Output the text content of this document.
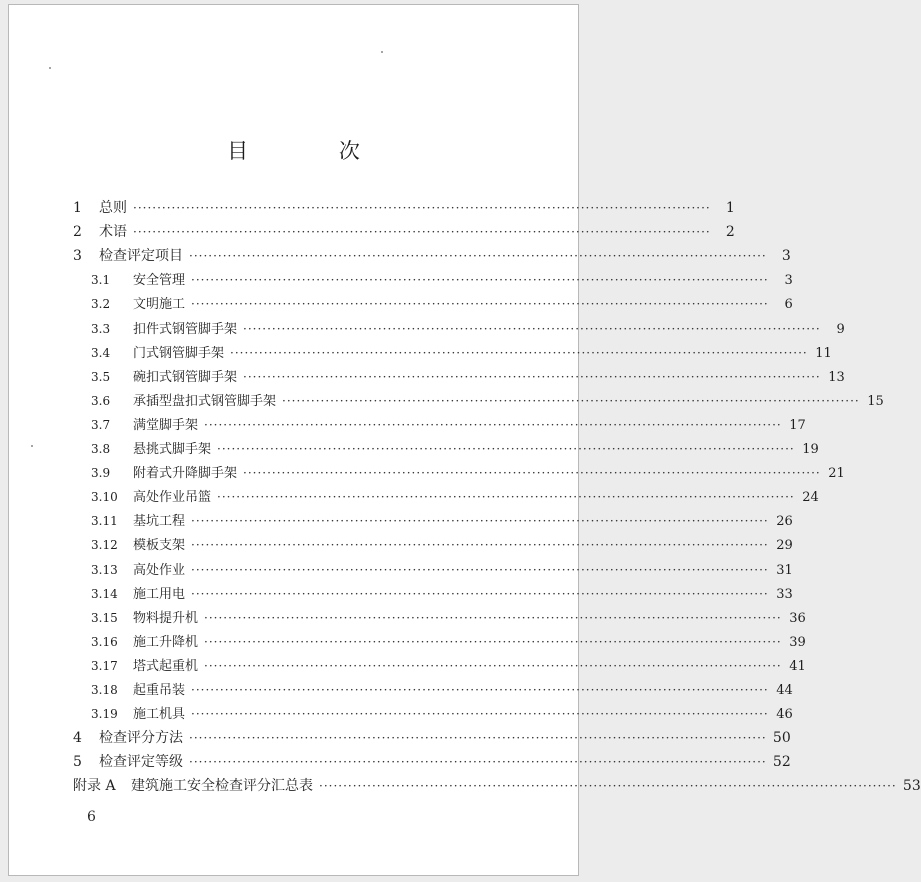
目 次
1	总则 ························································································································	1
2	术语 ························································································································	2
3	检查评定项目 ························································································································	3
3.1	安全管理 ························································································································	3
3.2	文明施工 ························································································································	6
3.3	扣件式钢管脚手架 ························································································································	9
3.4	门式钢管脚手架 ························································································································ 11
3.5	碗扣式钢管脚手架 ························································································································ 13
3.6	承插型盘扣式钢管脚手架 ························································································································ 15
3.7	满堂脚手架 ························································································································ 17
3.8	悬挑式脚手架 ························································································································ 19
3.9	附着式升降脚手架 ························································································································ 21
3.10	高处作业吊篮 ························································································································ 24
3.11	基坑工程 ························································································································ 26
3.12	模板支架 ························································································································ 29
3.13	高处作业 ························································································································ 31
3.14	施工用电 ························································································································ 33
3.15	物料提升机 ························································································································ 36
3.16	施工升降机 ························································································································ 39
3.17	塔式起重机 ························································································································ 41
3.18	起重吊装 ························································································································ 44
3.19	施工机具 ························································································································ 46
4	检查评分方法 ························································································································ 50
5	检查评定等级 ························································································································ 52
附录 A	建筑施工安全检查评分汇总表 ························································································································ 53
6
